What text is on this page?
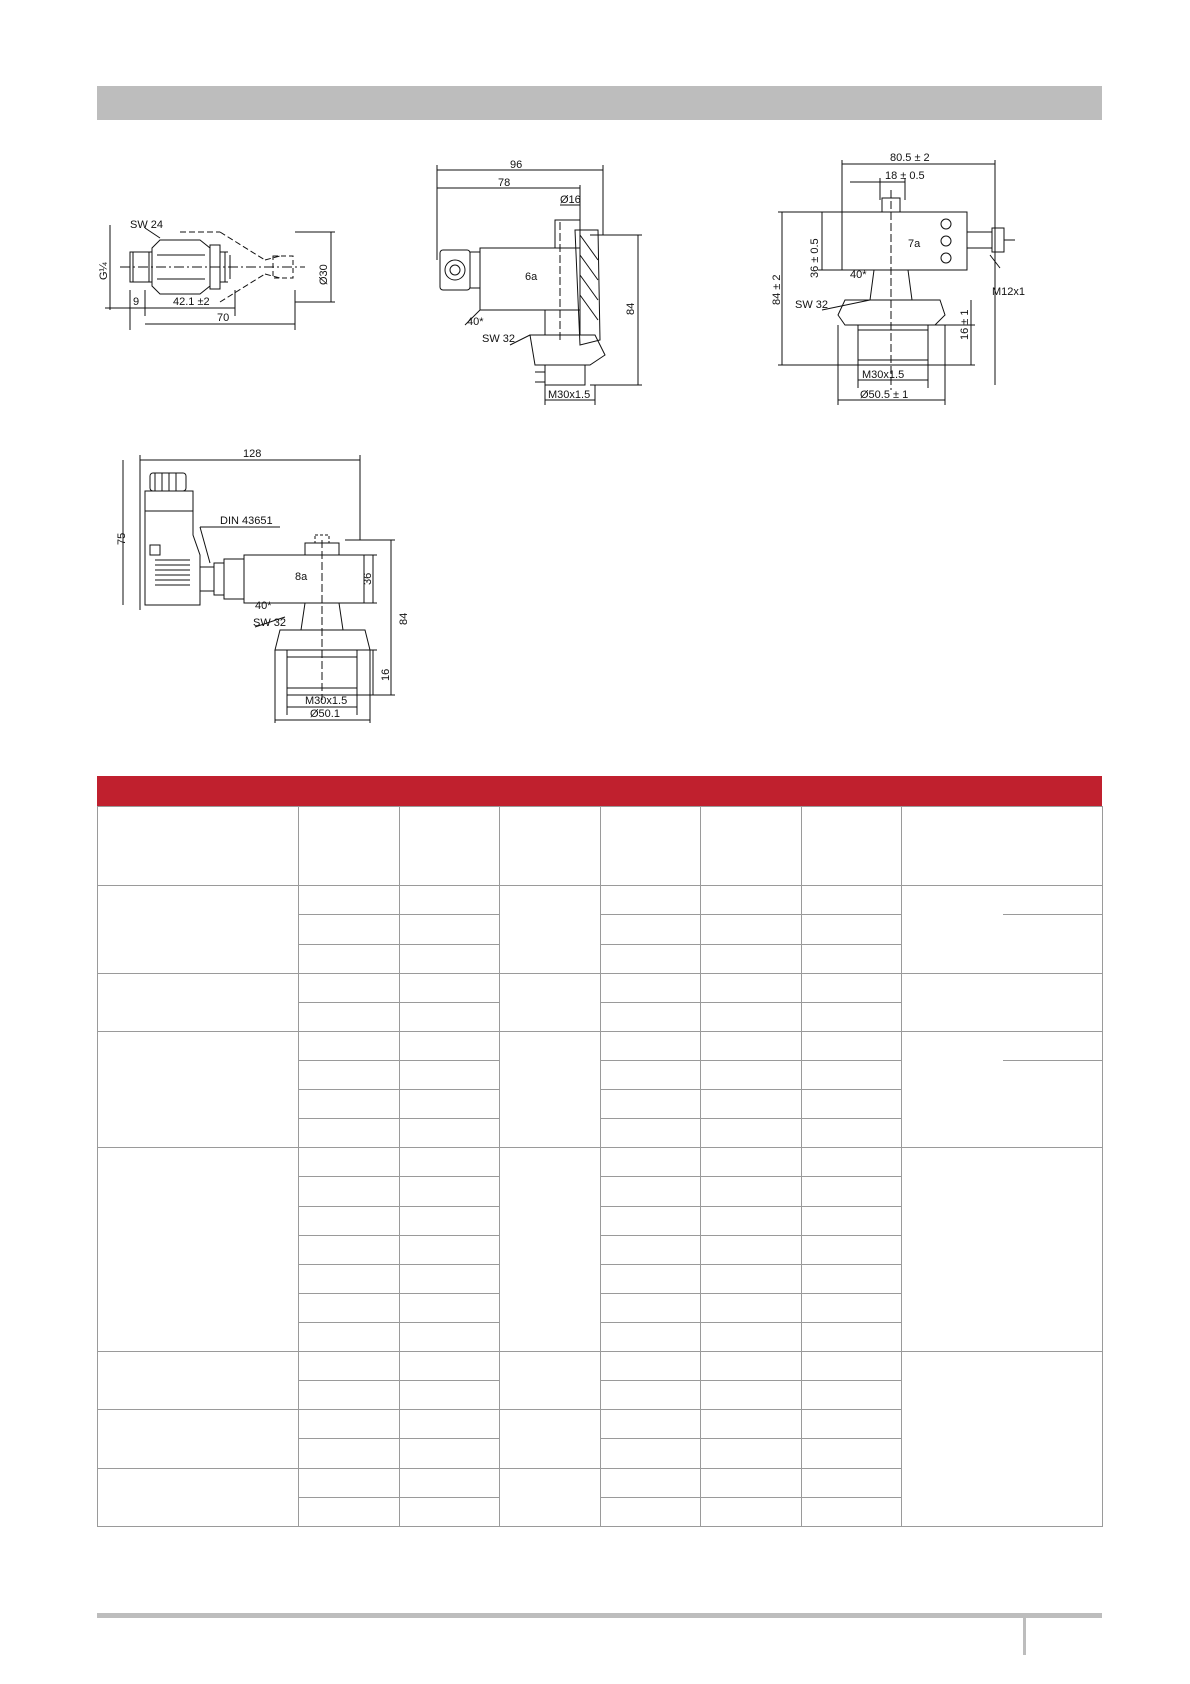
SW 24
G¼	Ø30
9	42.1 ±2
70
96
78
Ø16
6a
40*
SW 32
84
M30x1.5
80.5 ± 2
18 ± 0.5
7a
36 ± 0.5
84 ± 2	40*
SW 32
M12x1
16 ± 1
M30x1.5
Ø50.5 ± 1
128
DIN 43651
75
8a	36
40*
SW 32	84
16
M30x1.5
Ø50.1
